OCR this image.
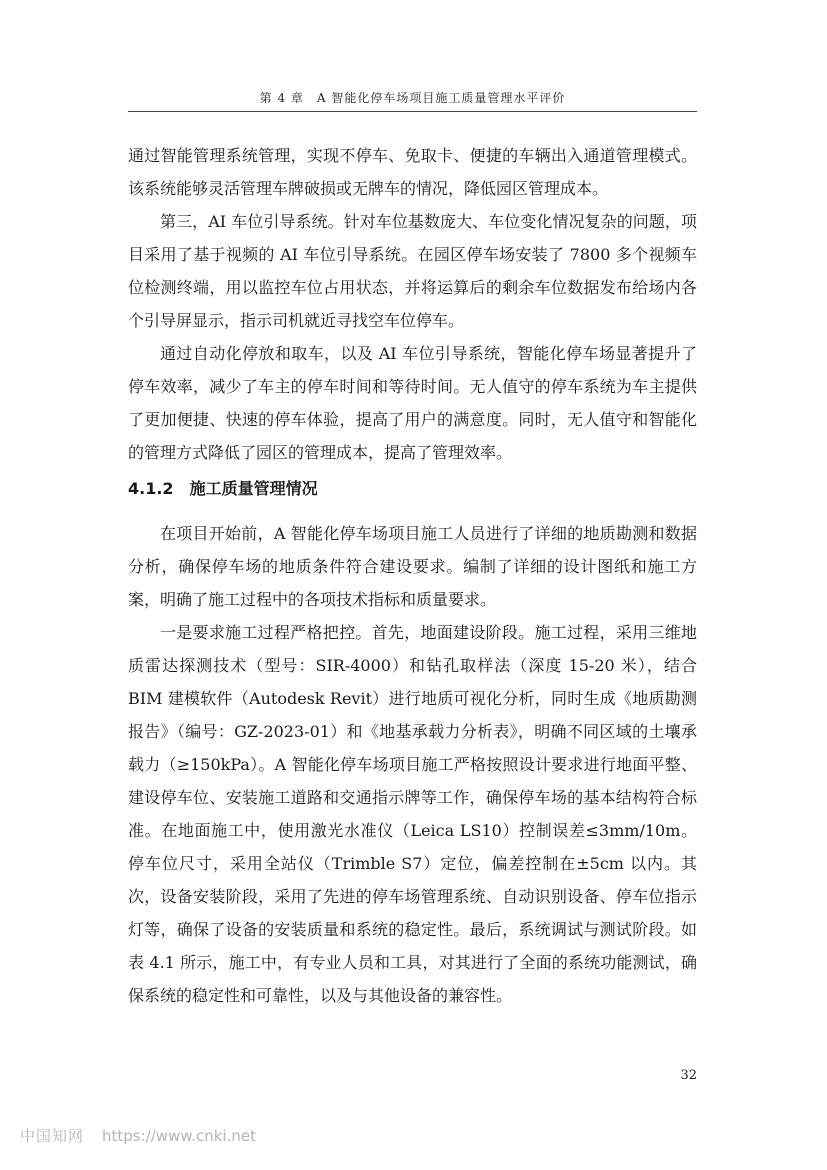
第 4 章　A 智能化停车场项目施工质量管理水平评价

通过智能管理系统管理，实现不停车、免取卡、便捷的车辆出入通道管理模式。该系统能够灵活管理车牌破损或无牌车的情况，降低园区管理成本。

第三，AI 车位引导系统。针对车位基数庞大、车位变化情况复杂的问题，项目采用了基于视频的 AI 车位引导系统。在园区停车场安装了 7800 多个视频车位检测终端，用以监控车位占用状态，并将运算后的剩余车位数据发布给场内各个引导屏显示，指示司机就近寻找空车位停车。

通过自动化停放和取车，以及 AI 车位引导系统，智能化停车场显著提升了停车效率，减少了车主的停车时间和等待时间。无人值守的停车系统为车主提供了更加便捷、快速的停车体验，提高了用户的满意度。同时，无人值守和智能化的管理方式降低了园区的管理成本，提高了管理效率。

4.1.2 施工质量管理情况

在项目开始前，A 智能化停车场项目施工人员进行了详细的地质勘测和数据分析，确保停车场的地质条件符合建设要求。编制了详细的设计图纸和施工方案，明确了施工过程中的各项技术指标和质量要求。

一是要求施工过程严格把控。首先，地面建设阶段。施工过程，采用三维地质雷达探测技术（型号：SIR-4000）和钻孔取样法（深度 15-20 米），结合 BIM 建模软件（Autodesk Revit）进行地质可视化分析，同时生成《地质勘测报告》（编号：GZ-2023-01）和《地基承载力分析表》，明确不同区域的土壤承载力（≥150kPa）。A 智能化停车场项目施工严格按照设计要求进行地面平整、建设停车位、安装施工道路和交通指示牌等工作，确保停车场的基本结构符合标准。在地面施工中，使用激光水准仪（Leica LS10）控制误差≤3mm/10m。停车位尺寸，采用全站仪（Trimble S7）定位，偏差控制在±5cm 以内。其次，设备安装阶段，采用了先进的停车场管理系统、自动识别设备、停车位指示灯等，确保了设备的安装质量和系统的稳定性。最后，系统调试与测试阶段。如表 4.1 所示，施工中，有专业人员和工具，对其进行了全面的系统功能测试，确保系统的稳定性和可靠性，以及与其他设备的兼容性。

32
中国知网 https://www.cnki.net
